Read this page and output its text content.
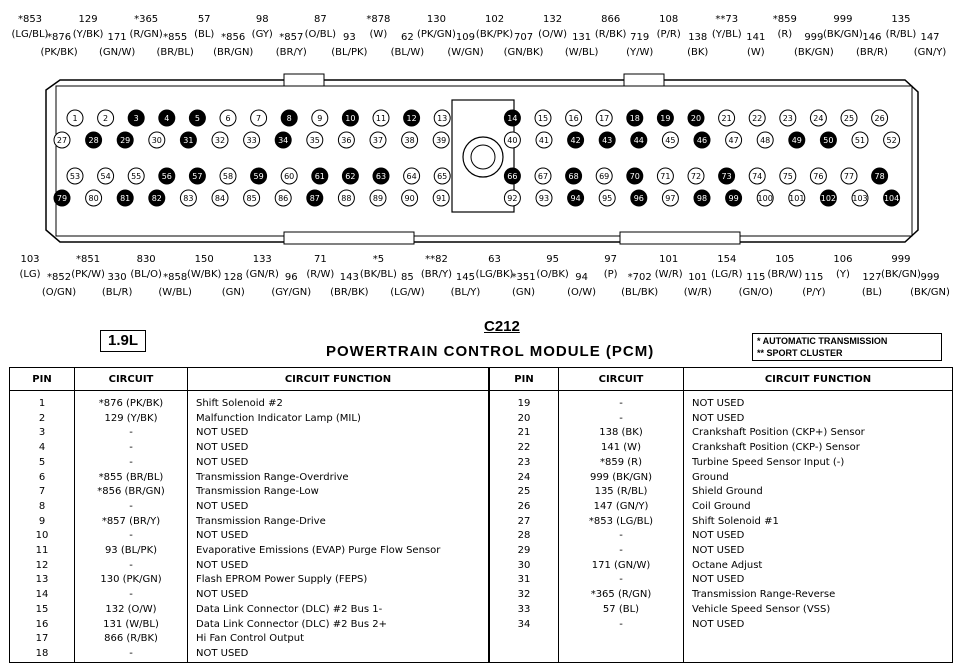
1	2	3	4	5	6	7	8	9	10	11	12	13	14	15	16	17	18	19	20	21	22	23	24	25	26
27	28	29	30	31	32	33	34	35	36	37	38	39	40	41	42	43	44	45	46	47	48	49	50	51	52
53	54	55	56	57	58	59	60	61	62	63	64	65	66	67	68	69	70	71	72	73	74	75	76	77	78
79	80	81	82	83	84	85	86	87	88	89	90	91	92	93	94	95	96	97	98	99 100 101 102 103 104
*853
(LG/BL)
*876
(PK/BK)
129
(Y/BK) 171
(GN/W)
*365
(R/GN) *855
(BR/BL)
57
(BL) *856
(BR/GN)
98
(GY) *857
(BR/Y)
87
(O/BL) 93
(BL/PK)
*878
(W) 62
(BL/W)
130
(PK/GN) 109
(W/GN)
102
(BK/PK) 707
(GN/BK)
132
(O/W) 131
(W/BL)
866
(R/BK) 719
(Y/W)
108
(P/R) 138
(BK)
**73
(Y/BL) 141
(W)
*859
(R) 999
(BK/GN)
999
(BK/GN) 146
(BR/R)
135
(R/BL) 147
(GN/Y)
103
(LG) *852
(O/GN)
*851
(PK/W) 330
(BL/R)
830
(BL/O) *858
(W/BL)
150
(W/BK) 128
(GN)
133
(GN/R) 96
(GY/GN)
71
(R/W) 143
(BR/BK)
*5
(BK/BL) 85
(LG/W)
**82
(BR/Y) 145
(BL/Y)
63
(LG/BK)
*351
(GN)
95
(O/BK) 94
(O/W)
97
(P) *702
(BL/BK)
101
(W/R) 101
(W/R)
154
(LG/R) 115
(GN/O)
105
(BR/W) 115
(P/Y)
106
(Y) 127
(BL)
999
(BK/GN) 999
(BK/GN)
1.9L
C212
POWERTRAIN CONTROL MODULE (PCM)
* AUTOMATIC TRANSMISSION
** SPORT CLUSTER
PIN	CIRCUIT	CIRCUIT FUNCTION	PIN	CIRCUIT	CIRCUIT FUNCTION
1	*876 (PK/BK)	Shift Solenoid #2	19	-	NOT USED
2	129 (Y/BK)	Malfunction Indicator Lamp (MIL)	20	-	NOT USED
3	-	NOT USED	21	138 (BK)	Crankshaft Position (CKP+) Sensor
4	-	NOT USED	22	141 (W)	Crankshaft Position (CKP-) Sensor
5	-	NOT USED	23	*859 (R)	Turbine Speed Sensor Input (-)
6	*855 (BR/BL)	Transmission Range-Overdrive	24	999 (BK/GN)	Ground
7	*856 (BR/GN)	Transmission Range-Low	25	135 (R/BL)	Shield Ground
8	-	NOT USED	26	147 (GN/Y)	Coil Ground
9	*857 (BR/Y)	Transmission Range-Drive	27	*853 (LG/BL)	Shift Solenoid #1
10	-	NOT USED	28	-	NOT USED
11	93 (BL/PK)	Evaporative Emissions (EVAP) Purge Flow Sensor	29	-	NOT USED
12	-	NOT USED	30	171 (GN/W)	Octane Adjust
13	130 (PK/GN)	Flash EPROM Power Supply (FEPS)	31	-	NOT USED
14	-	NOT USED	32	*365 (R/GN)	Transmission Range-Reverse
15	132 (O/W)	Data Link Connector (DLC) #2 Bus 1-	33	57 (BL)	Vehicle Speed Sensor (VSS)
16	131 (W/BL)	Data Link Connector (DLC) #2 Bus 2+	34	-	NOT USED
17	866 (R/BK)	Hi Fan Control Output			
18	-	NOT USED			
